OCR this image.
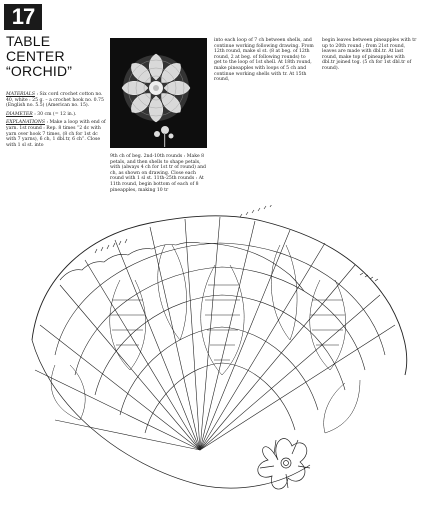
17
TABLE
CENTER
“ORCHID”

MATERIALS : Six cord crochet cotton no. 40, white : 25 g. – a crochet hook no. 0.75 (English no. 5.5) (American no. 15).

DIAMETER : 30 cm (= 12 in.).

EXPLANATIONS : Make a loop with end of yarn. 1st round : Rep. 8 times “2 dc with yarn over hook 7 times, (8 ch for 1st dc with 7 yarns), 6 ch, 1 dbl.tr, 6 ch”. Close with 1 sl st. into

9th ch of beg. 2nd-10th rounds : Make 8 petals, and then shells to shape petals, with (always 4 ch for 1st tr of round) and ch, as shown on drawing. Close each round with 1 sl st. 11th-25th rounds : At 11th round, begin bottom of each of 8 pineapples, making 10 tr
into each loop of 7 ch between shells, and continue working following drawing. From 12th round, make sl st. (8 at beg. of 12th round, 2 at beg. of following rounds) to get to the loop of 1st shell. At 18th round, make pineapples with loops of 5 ch and continue working shells with tr. At 15th round,
begin leaves between pineapples with tr up to 20th round ; from 21st round, leaves are made with dbl.tr. At last round, make top of pineapples with dbl.tr joined tog. (5 ch for 1st dbl.tr of round).
